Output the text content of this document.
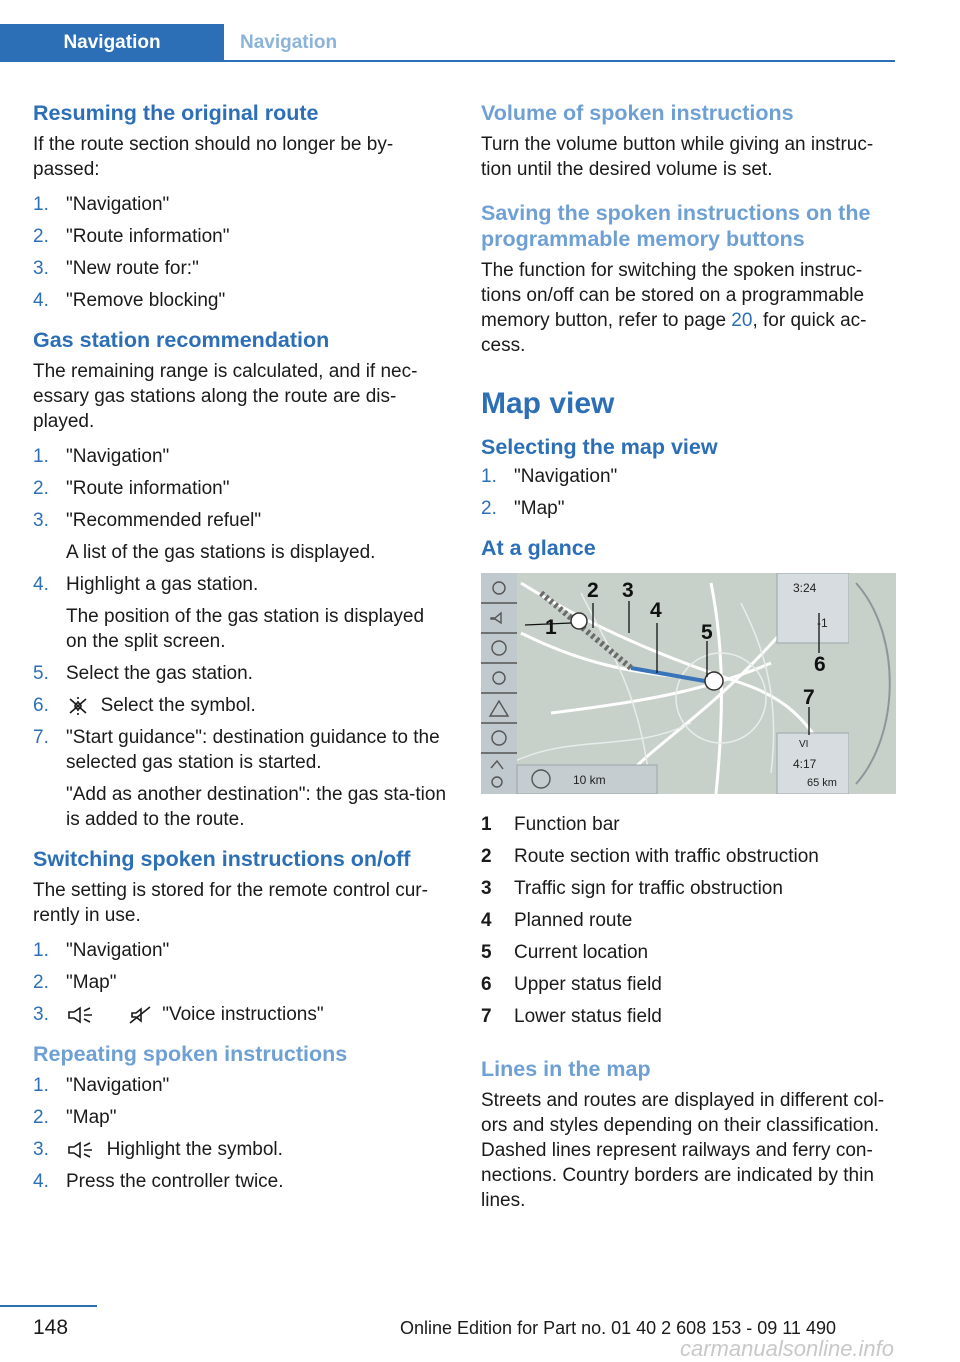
Navigation	Navigation
Resuming the original route

If the route section should no longer be by‐passed:

1. "Navigation"
2. "Route information"
3. "New route for:"
4. "Remove blocking"
Gas station recommendation

The remaining range is calculated, and if nec‐essary gas stations along the route are dis‐played.

1. "Navigation"
2. "Route information"
3. "Recommended refuel"
A list of the gas stations is displayed.
4. Highlight a gas station.
The position of the gas station is displayed on the split screen.
5. Select the gas station.
6.	Select the symbol.
7. "Start guidance": destination guidance to the selected gas station is started.
"Add as another destination": the gas sta‐tion is added to the route.
Switching spoken instructions on/off

The setting is stored for the remote control cur‐rently in use.

1. "Navigation"
2. "Map"
3.	"Voice instructions"
Repeating spoken instructions
1. "Navigation"
2. "Map"
3.	Highlight the symbol.
4. Press the controller twice.
Volume of spoken instructions

Turn the volume button while giving an instruc‐tion until the desired volume is set.

Saving the spoken instructions on the programmable memory buttons

The function for switching the spoken instruc‐tions on/off can be stored on a programmable memory button, refer to page 20, for quick ac‐cess.

Map view
Selecting the map view
1. "Navigation"
2. "Map"
At a glance
3:24
-1
VI
4:17
65 km
10 km
1
2 3
4
5
6
7
1	Function bar
2	Route section with traffic obstruction
3	Traffic sign for traffic obstruction
4	Planned route
5	Current location
6	Upper status field
7	Lower status field
Lines in the map

Streets and routes are displayed in different col‐ors and styles depending on their classification. Dashed lines represent railways and ferry con‐nections. Country borders are indicated by thin lines.

148	Online Edition for Part no. 01 40 2 608 153 - 09 11 490
carmanualsonline.info
